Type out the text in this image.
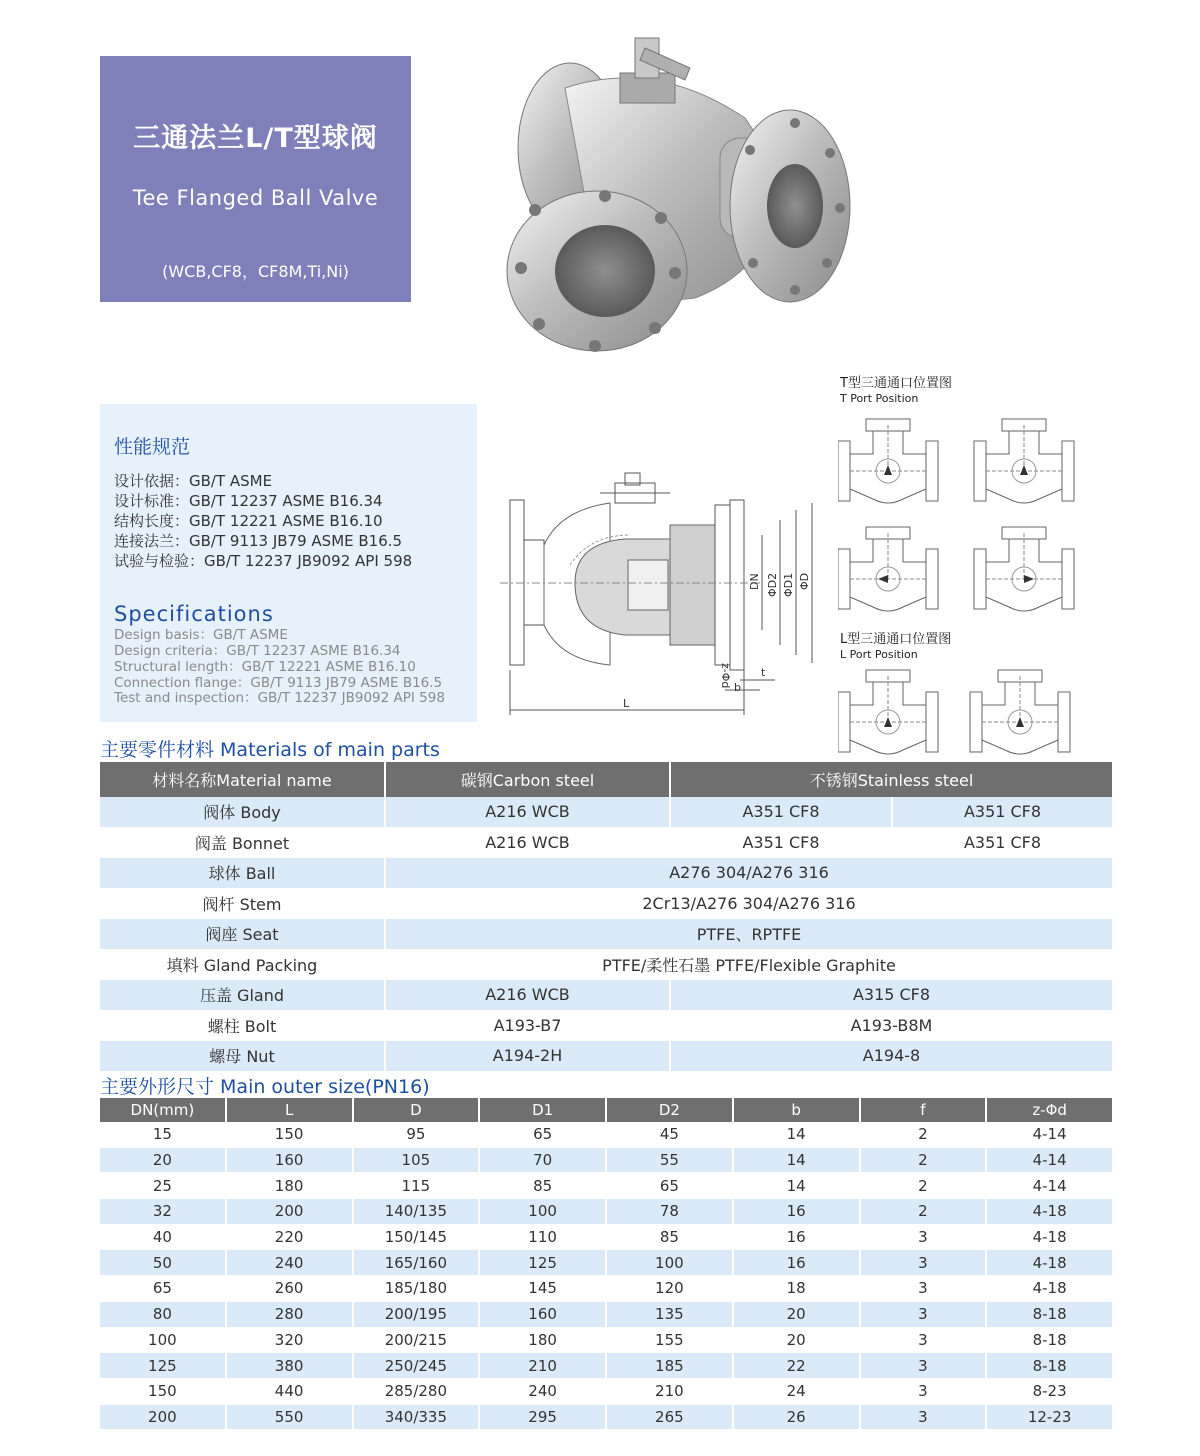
三通法兰L/T型球阀
Tee Flanged Ball Valve
(WCB,CF8，CF8M,Ti,Ni)
性能规范
设计依据：GB/T ASME
设计标准：GB/T 12237 ASME B16.34
结构长度：GB/T 12221 ASME B16.10
连接法兰：GB/T 9113 JB79 ASME B16.5
试验与检验：GB/T 12237 JB9092 API 598
Specifications
Design basis：GB/T ASME
Design criteria：GB/T 12237 ASME B16.34
Structural length：GB/T 12221 ASME B16.10
Connection flange：GB/T 9113 JB79 ASME B16.5
Test and inspection：GB/T 12237 JB9092 API 598
DN ΦD2 ΦD1 ΦD
z-Φd	t
b
L
T型三通通口位置图
T Port Position
L型三通通口位置图
L Port Position
主要零件材料 Materials of main parts
材料名称Material name	碳钢Carbon steel	不锈钢Stainless steel	
阀体 Body	A216 WCB	A351 CF8	A351 CF8
阀盖 Bonnet	A216 WCB	A351 CF8	A351 CF8
球体 Ball	A276 304/A276 316		
阀杆 Stem	2Cr13/A276 304/A276 316		
阀座 Seat	PTFE、RPTFE		
填料 Gland Packing	PTFE/柔性石墨 PTFE/Flexible Graphite		
压盖 Gland	A216 WCB	A315 CF8	
螺柱 Bolt	A193-B7	A193-B8M	
螺母 Nut	A194-2H	A194-8	
主要外形尺寸 Main outer size(PN16)
DN(mm)	L	D	D1	D2	b	f	z-Φd
15	150	95	65	45	14	2	4-14
20	160	105	70	55	14	2	4-14
25	180	115	85	65	14	2	4-14
32	200	140/135	100	78	16	2	4-18
40	220	150/145	110	85	16	3	4-18
50	240	165/160	125	100	16	3	4-18
65	260	185/180	145	120	18	3	4-18
80	280	200/195	160	135	20	3	8-18
100	320	200/215	180	155	20	3	8-18
125	380	250/245	210	185	22	3	8-18
150	440	285/280	240	210	24	3	8-23
200	550	340/335	295	265	26	3	12-23
